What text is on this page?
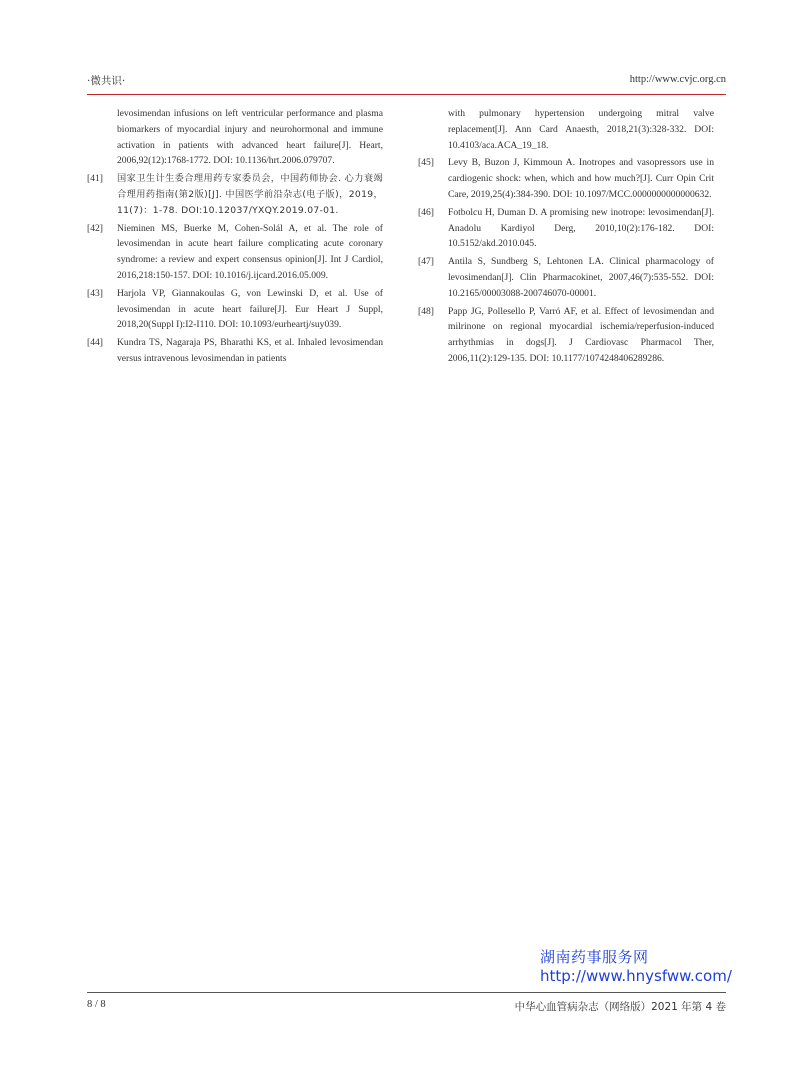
·微共识·	http://www.cvjc.org.cn
levosimendan infusions on left ventricular performance and plasma biomarkers of myocardial injury and neurohormonal and immune activation in patients with advanced heart failure[J]. Heart, 2006,92(12):1768-1772. DOI: 10.1136/hrt.2006.079707.
[41] 国家卫生计生委合理用药专家委员会，中国药师协会. 心力衰竭合理用药指南(第2版)[J]. 中国医学前沿杂志(电子版)，2019，11(7)：1-78. DOI:10.12037/YXQY.2019.07-01.
[42] Nieminen MS, Buerke M, Cohen-Solál A, et al. The role of levosimendan in acute heart failure complicating acute coronary syndrome: a review and expert consensus opinion[J]. Int J Cardiol, 2016,218:150-157. DOI: 10.1016/j.ijcard.2016.05.009.
[43] Harjola VP, Giannakoulas G, von Lewinski D, et al. Use of levosimendan in acute heart failure[J]. Eur Heart J Suppl, 2018,20(Suppl I):I2-I110. DOI: 10.1093/eurheartj/suy039.
[44] Kundra TS, Nagaraja PS, Bharathi KS, et al. Inhaled levosimendan versus intravenous levosimendan in patients
with pulmonary hypertension undergoing mitral valve replacement[J]. Ann Card Anaesth, 2018,21(3):328-332. DOI: 10.4103/aca.ACA_19_18.
[45] Levy B, Buzon J, Kimmoun A. Inotropes and vasopressors use in cardiogenic shock: when, which and how much?[J]. Curr Opin Crit Care, 2019,25(4):384-390. DOI: 10.1097/MCC.0000000000000632.
[46] Fotbolcu H, Duman D. A promising new inotrope: levosimendan[J]. Anadolu Kardiyol Derg, 2010,10(2):176-182. DOI: 10.5152/akd.2010.045.
[47] Antila S, Sundberg S, Lehtonen LA. Clinical pharmacology of levosimendan[J]. Clin Pharmacokinet, 2007,46(7):535-552. DOI: 10.2165/00003088-200746070-00001.
[48] Papp JG, Pollesello P, Varró AF, et al. Effect of levosimendan and milrinone on regional myocardial ischemia/reperfusion-induced arrhythmias in dogs[J]. J Cardiovasc Pharmacol Ther, 2006,11(2):129-135. DOI: 10.1177/1074248406289286.
湖南药事服务网
http://www.hnysfww.com/
8 / 8	中华心血管病杂志（网络版）2021 年第 4 卷
